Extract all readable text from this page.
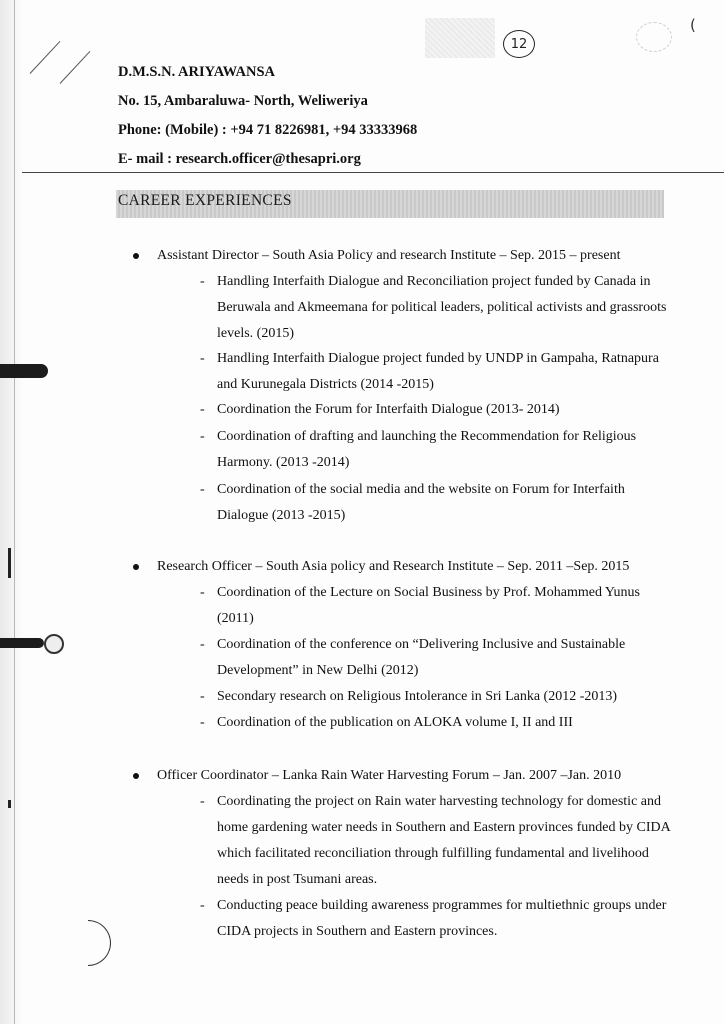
(
12
D.M.S.N. ARIYAWANSA
No. 15, Ambaraluwa- North, Weliweriya
Phone: (Mobile) : +94 71 8226981, +94 33333968
E- mail : research.officer@thesapri.org
CAREER EXPERIENCES
Assistant Director – South Asia Policy and research Institute – Sep. 2015 – present
- Handling Interfaith Dialogue and Reconciliation project funded by Canada in Beruwala and Akmeemana for political leaders, political activists and grassroots levels. (2015)
- Handling Interfaith Dialogue project funded by UNDP in Gampaha, Ratnapura and Kurunegala Districts (2014 -2015)
- Coordination the Forum for Interfaith Dialogue (2013- 2014)
- Coordination of drafting and launching the Recommendation for Religious Harmony. (2013 -2014)
- Coordination of the social media and the website on Forum for Interfaith Dialogue (2013 -2015)
Research Officer – South Asia policy and Research Institute – Sep. 2011 –Sep. 2015
- Coordination of the Lecture on Social Business by Prof. Mohammed Yunus (2011)
- Coordination of the conference on “Delivering Inclusive and Sustainable Development” in New Delhi (2012)
- Secondary research on Religious Intolerance in Sri Lanka (2012 -2013)
- Coordination of the publication on ALOKA volume I, II and III
Officer Coordinator – Lanka Rain Water Harvesting Forum – Jan. 2007 –Jan. 2010
- Coordinating the project on Rain water harvesting technology for domestic and home gardening water needs in Southern and Eastern provinces funded by CIDA which facilitated reconciliation through fulfilling fundamental and livelihood needs in post Tsumani areas.
- Conducting peace building awareness programmes for multiethnic groups under CIDA projects in Southern and Eastern provinces.
